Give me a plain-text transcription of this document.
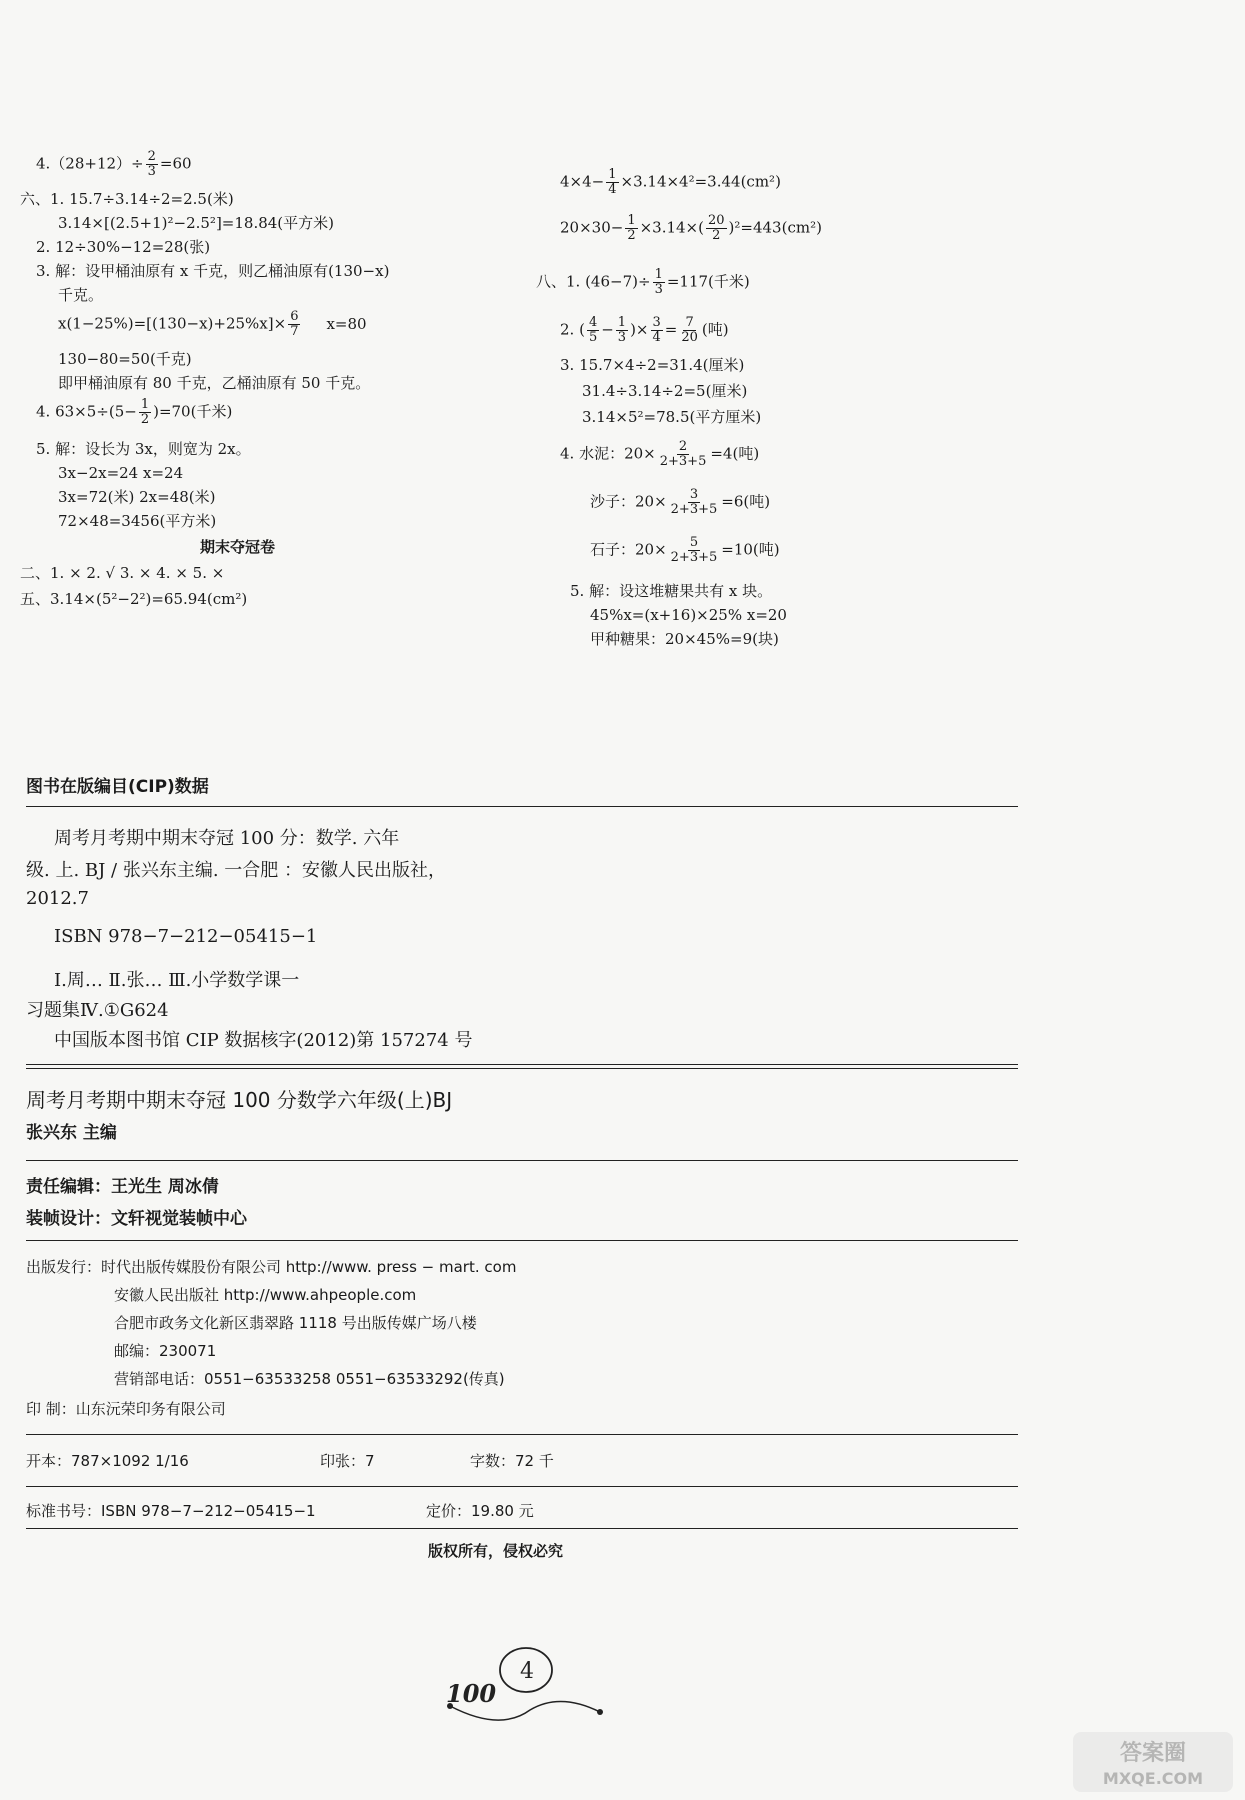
$4.(28+12)\div \frac{2}{3} =60$
六、1. 15.7÷3.14÷2=2.5(米)
3.14×[(2.5+1)²−2.5²]=18.84(平方米)
2. 12÷30%−12=28(张)
3. 解：设甲桶油原有 x 千克，则乙桶油原有(130−x)
千克。
$x(1-25\%)=[(130-x)+25\%x]\times \frac{6}{7} x=80$
130−80=50(千克)
即甲桶油原有 80 千克，乙桶油原有 50 千克。
4. $63\times 5\div(5- \frac{1}{2} )=70$(千米)
5. 解：设长为 3x，则宽为 2x。
3x−2x=24 x=24
3x=72(米) 2x=48(米)
72×48=3456(平方米)
期末夺冠卷
二、1. × 2. √ 3. × 4. × 5. ×
五、3.14×(5²−2²)=65.94(cm²)
$4\times 4- \frac{1}{4} \times 3.14\times 4^2=3.44(cm^2)$
$20\times 30- \frac{1}{2} \times 3.14\times( \frac{20}{2} )^2=443(cm^2)$
八、1. $(46-7)\div \frac{1}{3} =117$(千米)
2. ( $\frac{4}{5} - \frac{1}{3}$ )× $\frac{3}{4} = \frac{7}{20}$ (吨)
3. 15.7×4÷2=31.4(厘米)
31.4÷3.14÷2=5(厘米)
3.14×5²=78.5(平方厘米)
4. 水泥：$20\times \frac{2}{2+3+5} =4$(吨)
沙子：$20\times \frac{3}{2+3+5} =6$(吨)
石子：$20\times \frac{5}{2+3+5} =10$(吨)
5. 解：设这堆糖果共有 x 块。
45%x=(x+16)×25% x=20
甲种糖果：20×45%=9(块)
图书在版编目(CIP)数据
周考月考期中期末夺冠 100 分：数学. 六年
级. 上. BJ / 张兴东主编. 一合肥 ：安徽人民出版社，
2012.7
ISBN 978−7−212−05415−1
Ⅰ.周… Ⅱ.张… Ⅲ.小学数学课一
习题集Ⅳ.①G624
中国版本图书馆 CIP 数据核字(2012)第 157274 号
周考月考期中期末夺冠 100 分数学六年级(上)BJ
张兴东 主编
责任编辑：王光生 周冰倩
装帧设计：文轩视觉装帧中心
出版发行：时代出版传媒股份有限公司 http://www. press − mart. com
安徽人民出版社 http://www.ahpeople.com
合肥市政务文化新区翡翠路 1118 号出版传媒广场八楼
邮编：230071
营销部电话：0551−63533258 0551−63533292(传真)
印 制：山东沅荣印务有限公司
开本：787×1092 1/16	印张：7	字数：72 千
标准书号：ISBN 978−7−212−05415−1	定价：19.80 元
版权所有，侵权必究
100
4
答案圈
MXQE.COM
